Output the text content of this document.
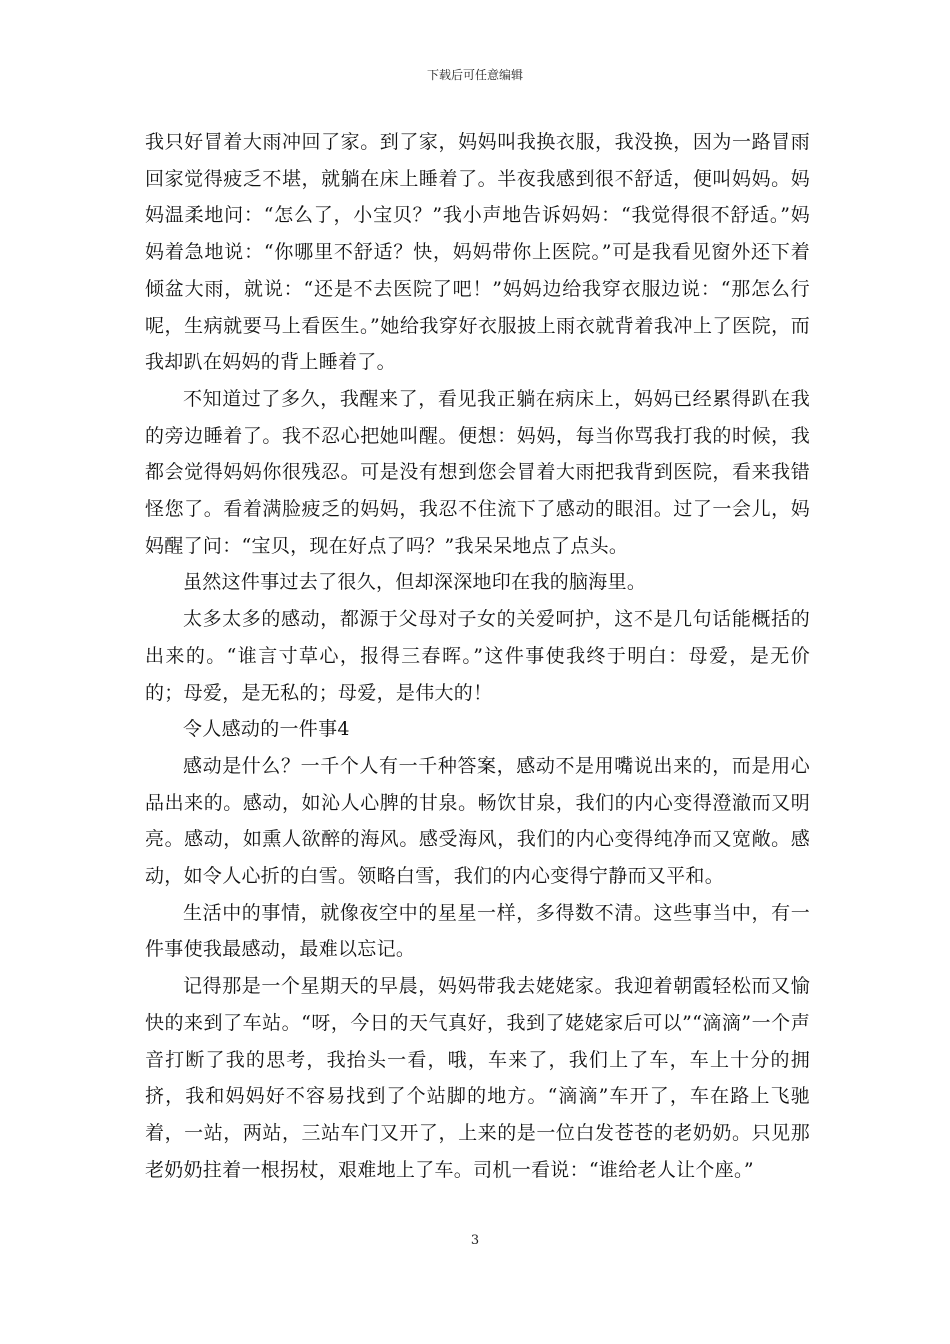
下载后可任意编辑

我只好冒着大雨冲回了家。到了家，妈妈叫我换衣服，我没换，因为一路冒雨回家觉得疲乏不堪，就躺在床上睡着了。半夜我感到很不舒适，便叫妈妈。妈妈温柔地问：“怎么了，小宝贝？”我小声地告诉妈妈：“我觉得很不舒适。”妈妈着急地说：“你哪里不舒适？快，妈妈带你上医院。”可是我看见窗外还下着倾盆大雨，就说：“还是不去医院了吧！”妈妈边给我穿衣服边说：“那怎么行呢，生病就要马上看医生。”她给我穿好衣服披上雨衣就背着我冲上了医院，而我却趴在妈妈的背上睡着了。

不知道过了多久，我醒来了，看见我正躺在病床上，妈妈已经累得趴在我的旁边睡着了。我不忍心把她叫醒。便想：妈妈，每当你骂我打我的时候，我都会觉得妈妈你很残忍。可是没有想到您会冒着大雨把我背到医院，看来我错怪您了。看着满脸疲乏的妈妈，我忍不住流下了感动的眼泪。过了一会儿，妈妈醒了问：“宝贝，现在好点了吗？”我呆呆地点了点头。

虽然这件事过去了很久，但却深深地印在我的脑海里。

太多太多的感动，都源于父母对子女的关爱呵护，这不是几句话能概括的出来的。“谁言寸草心，报得三春晖。”这件事使我终于明白：母爱，是无价的；母爱，是无私的；母爱，是伟大的！

令人感动的一件事4

感动是什么？一千个人有一千种答案，感动不是用嘴说出来的，而是用心品出来的。感动，如沁人心脾的甘泉。畅饮甘泉，我们的内心变得澄澈而又明亮。感动，如熏人欲醉的海风。感受海风，我们的内心变得纯净而又宽敞。感动，如令人心折的白雪。领略白雪，我们的内心变得宁静而又平和。

生活中的事情，就像夜空中的星星一样，多得数不清。这些事当中，有一件事使我最感动，最难以忘记。

记得那是一个星期天的早晨，妈妈带我去姥姥家。我迎着朝霞轻松而又愉快的来到了车站。“呀，今日的天气真好，我到了姥姥家后可以”“滴滴”一个声音打断了我的思考，我抬头一看，哦，车来了，我们上了车，车上十分的拥挤，我和妈妈好不容易找到了个站脚的地方。“滴滴”车开了，车在路上飞驰着，一站，两站，三站车门又开了，上来的是一位白发苍苍的老奶奶。只见那老奶奶拄着一根拐杖，艰难地上了车。司机一看说：“谁给老人让个座。”

3
